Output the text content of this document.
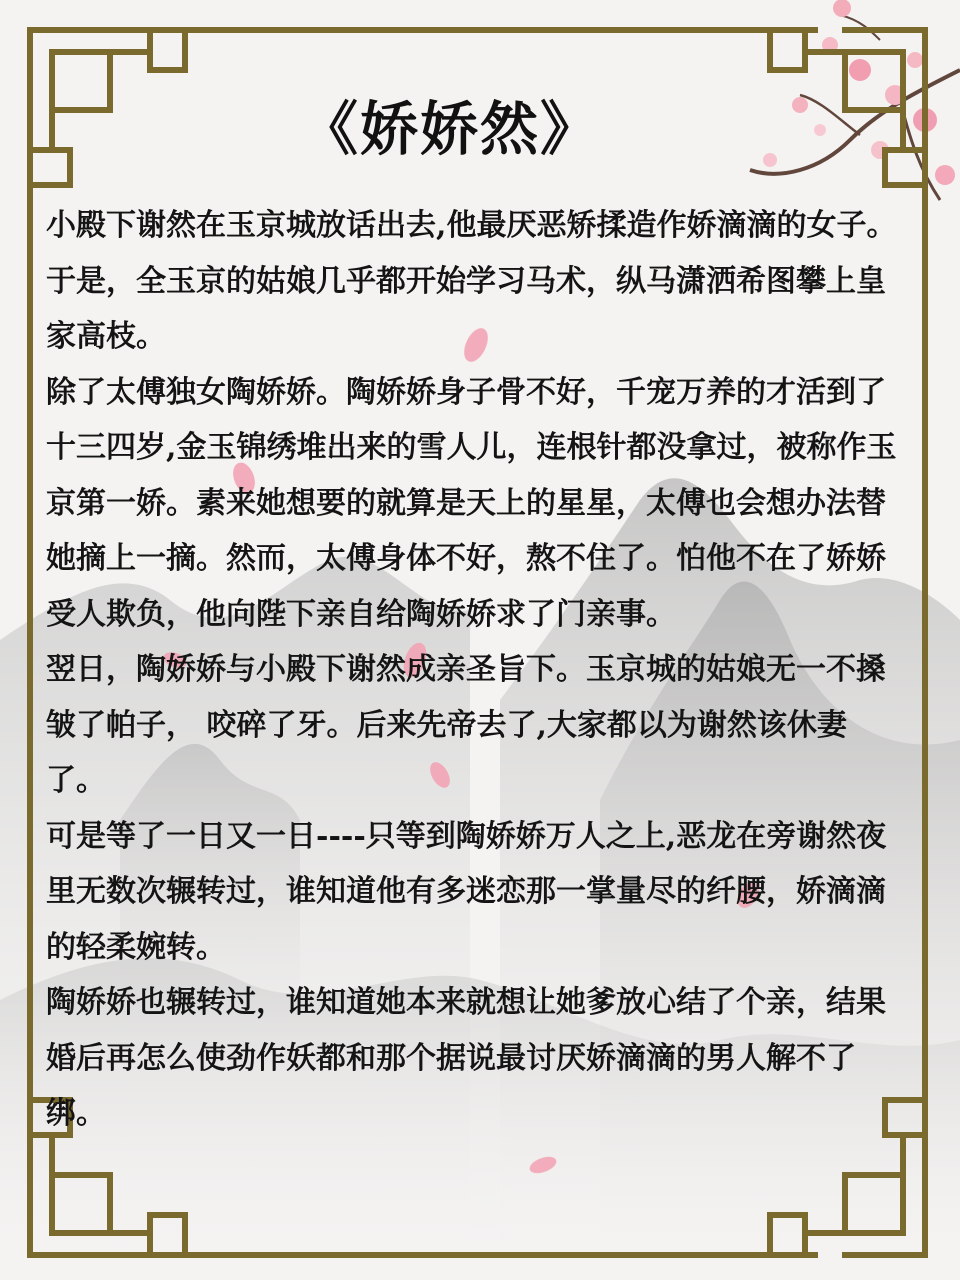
《娇娇然》

小殿下谢然在玉京城放话出去,他最厌恶矫揉造作娇滴滴的女子。于是，全玉京的姑娘几乎都开始学习马术，纵马潇洒希图攀上皇家高枝。

除了太傅独女陶娇娇。陶娇娇身子骨不好，千宠万养的才活到了十三四岁,金玉锦绣堆出来的雪人儿，连根针都没拿过，被称作玉京第一娇。素来她想要的就算是天上的星星，太傅也会想办法替她摘上一摘。然而，太傅身体不好，熬不住了。怕他不在了娇娇受人欺负，他向陛下亲自给陶娇娇求了门亲事。

翌日，陶娇娇与小殿下谢然成亲圣旨下。玉京城的姑娘无一不搡皱了帕子， 咬碎了牙。后来先帝去了,大家都以为谢然该休妻了。

可是等了一日又一日----只等到陶娇娇万人之上,恶龙在旁谢然夜里无数次辗转过，谁知道他有多迷恋那一掌量尽的纤腰，娇滴滴的轻柔婉转。

陶娇娇也辗转过，谁知道她本来就想让她爹放心结了个亲，结果婚后再怎么使劲作妖都和那个据说最讨厌娇滴滴的男人解不了绑。
